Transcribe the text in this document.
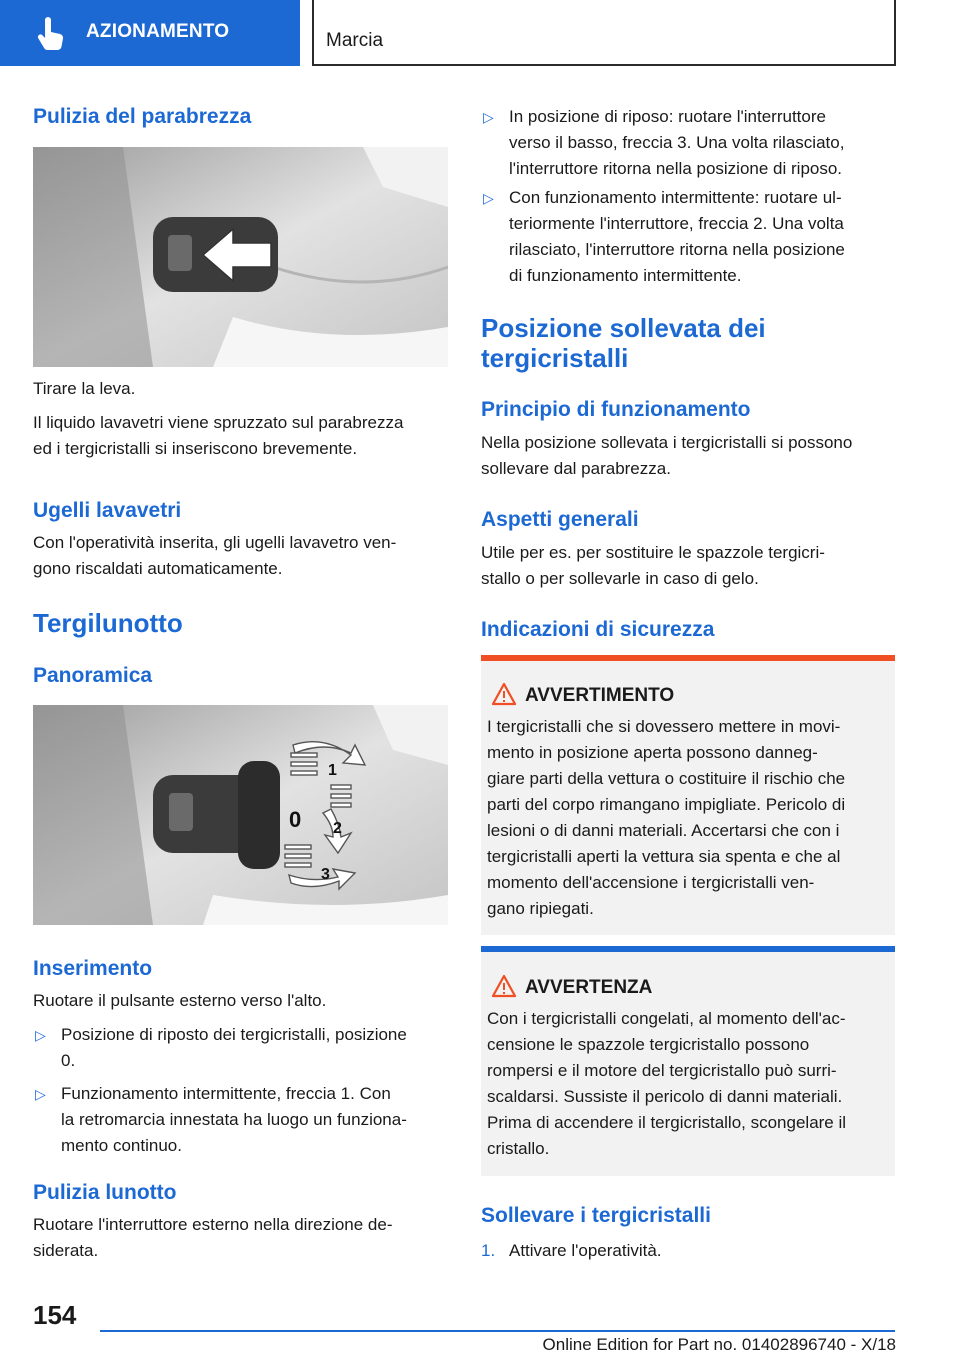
AZIONAMENTO	Marcia
Pulizia del parabrezza
Tirare la leva.
Il liquido lavavetri viene spruzzato sul parabrezza
ed i tergicristalli si inseriscono brevemente.
Ugelli lavavetri
Con l'operatività inserita, gli ugelli lavavetro ven-
gono riscaldati automaticamente.
Tergilunotto
Panoramica
1
0 2
3
Inserimento
Ruotare il pulsante esterno verso l'alto.
▷ Posizione di riposto dei tergicristalli, posizione
0.
▷ Funzionamento intermittente, freccia 1. Con
la retromarcia innestata ha luogo un funziona-
mento continuo.
Pulizia lunotto
Ruotare l'interruttore esterno nella direzione de-
siderata.
▷ In posizione di riposo: ruotare l'interruttore
verso il basso, freccia 3. Una volta rilasciato,
l'interruttore ritorna nella posizione di riposo.
▷ Con funzionamento intermittente: ruotare ul-
teriormente l'interruttore, freccia 2. Una volta
rilasciato, l'interruttore ritorna nella posizione
di funzionamento intermittente.
Posizione sollevata dei
tergicristalli
Principio di funzionamento
Nella posizione sollevata i tergicristalli si possono
sollevare dal parabrezza.
Aspetti generali
Utile per es. per sostituire le spazzole tergicri-
stallo o per sollevarle in caso di gelo.
Indicazioni di sicurezza
AVVERTIMENTO
I tergicristalli che si dovessero mettere in movi-
mento in posizione aperta possono danneg-
giare parti della vettura o costituire il rischio che
parti del corpo rimangano impigliate. Pericolo di
lesioni o di danni materiali. Accertarsi che con i
tergicristalli aperti la vettura sia spenta e che al
momento dell'accensione i tergicristalli ven-
gano ripiegati.
AVVERTENZA
Con i tergicristalli congelati, al momento dell'ac-
censione le spazzole tergicristallo possono
rompersi e il motore del tergicristallo può surri-
scaldarsi. Sussiste il pericolo di danni materiali.
Prima di accendere il tergicristallo, scongelare il
cristallo.
Sollevare i tergicristalli
1. Attivare l'operatività.
154
Online Edition for Part no. 01402896740 - X/18
